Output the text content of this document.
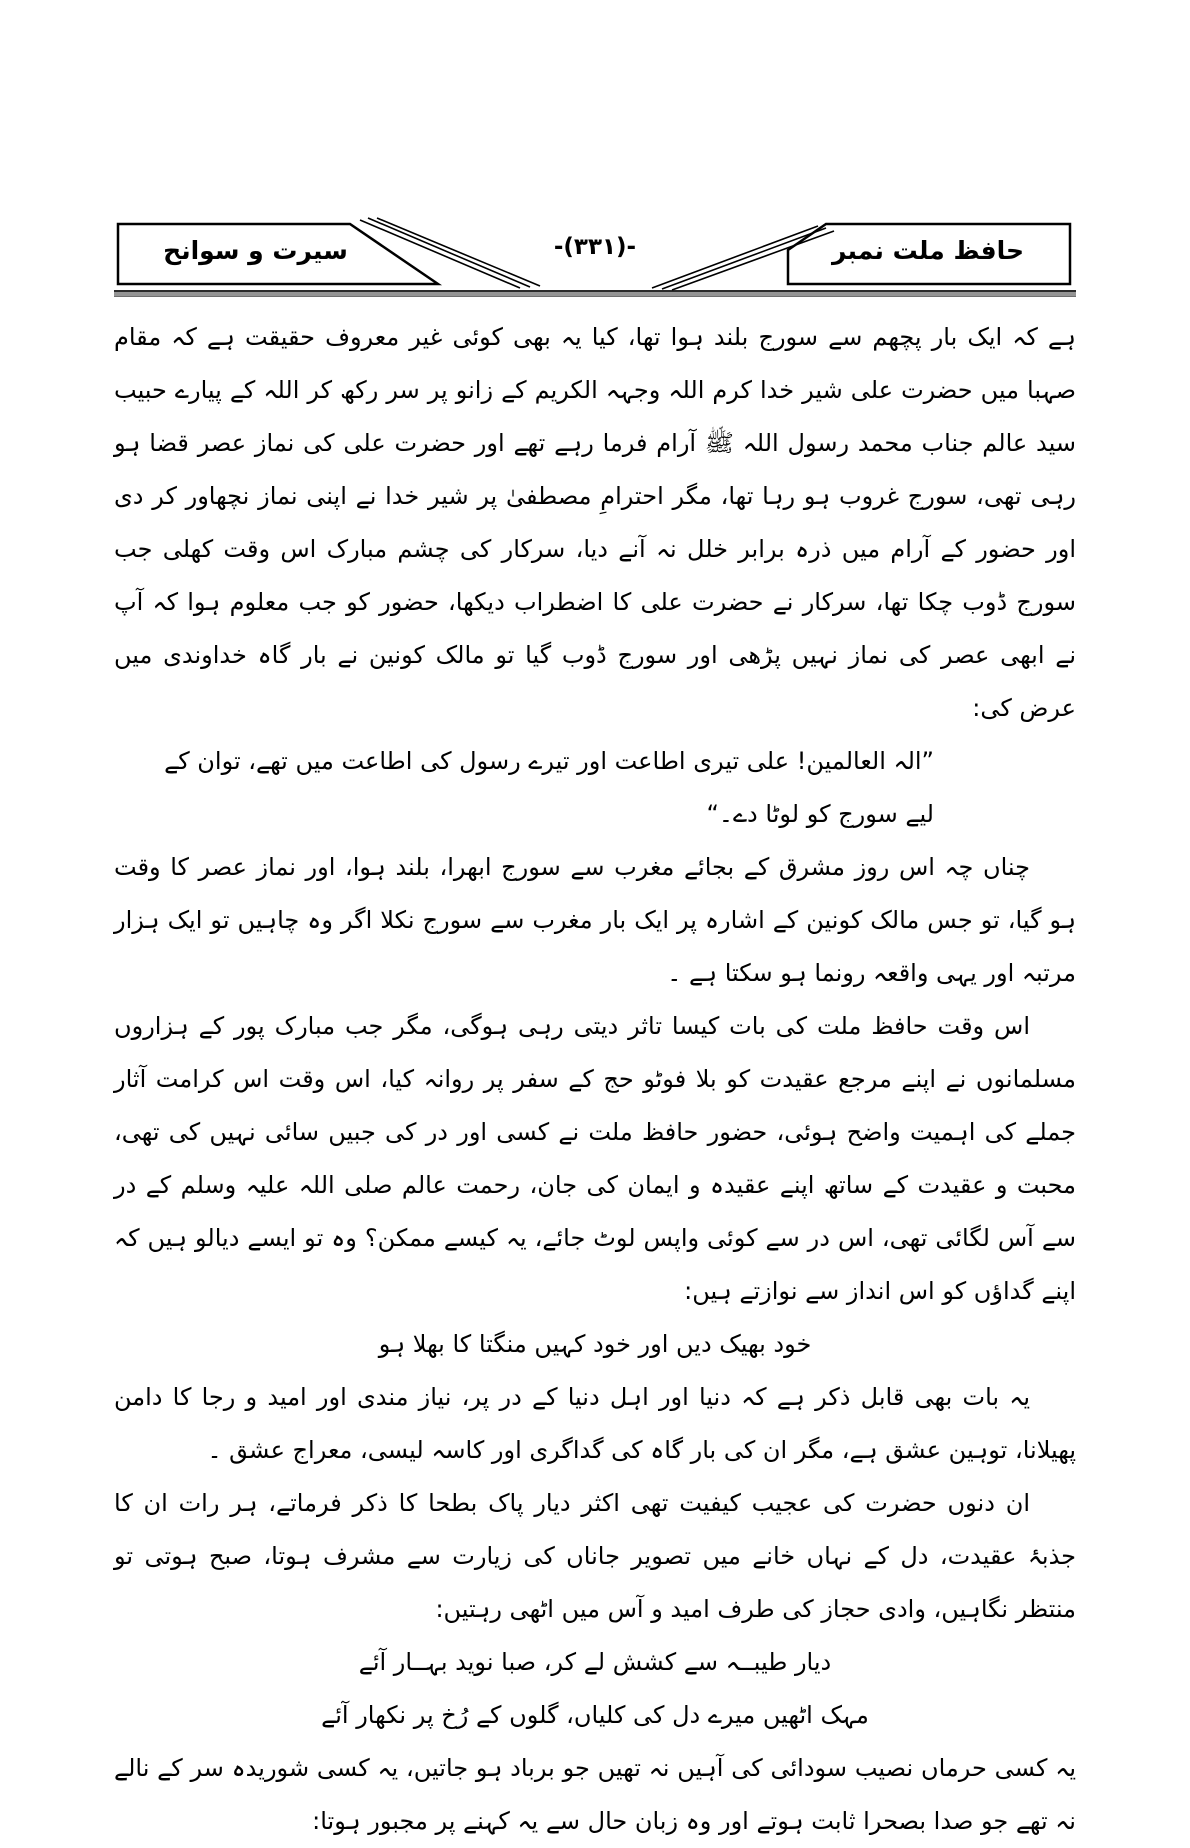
حافظ ملت نمبر
-(۳۳۱)-
سیرت و سوانح

ہے کہ ایک بار پچھم سے سورج بلند ہوا تھا، کیا یہ بھی کوئی غیر معروف حقیقت ہے کہ مقام صہبا میں حضرت علی شیر خدا کرم اللہ وجہہ الکریم کے زانو پر سر رکھ کر اللہ کے پیارے حبیب سید عالم جناب محمد رسول اللہ ﷺ آرام فرما رہے تھے اور حضرت علی کی نماز عصر قضا ہو رہی تھی، سورج غروب ہو رہا تھا، مگر احترامِ مصطفیٰ پر شیر خدا نے اپنی نماز نچھاور کر دی اور حضور کے آرام میں ذرہ برابر خلل نہ آنے دیا، سرکار کی چشم مبارک اس وقت کھلی جب سورج ڈوب چکا تھا، سرکار نے حضرت علی کا اضطراب دیکھا، حضور کو جب معلوم ہوا کہ آپ نے ابھی عصر کی نماز نہیں پڑھی اور سورج ڈوب گیا تو مالک کونین نے بار گاہ خداوندی میں عرض کی:

”الہ العالمین! علی تیری اطاعت اور تیرے رسول کی اطاعت میں تھے، توان کے لیے سورج کو لوٹا دے۔“

چناں چہ اس روز مشرق کے بجائے مغرب سے سورج ابھرا، بلند ہوا، اور نماز عصر کا وقت ہو گیا، تو جس مالک کونین کے اشارہ پر ایک بار مغرب سے سورج نکلا اگر وہ چاہیں تو ایک ہزار مرتبہ اور یہی واقعہ رونما ہو سکتا ہے ۔

اس وقت حافظ ملت کی بات کیسا تاثر دیتی رہی ہوگی، مگر جب مبارک پور کے ہزاروں مسلمانوں نے اپنے مرجع عقیدت کو بلا فوٹو حج کے سفر پر روانہ کیا، اس وقت اس کرامت آثار جملے کی اہمیت واضح ہوئی، حضور حافظ ملت نے کسی اور در کی جبیں سائی نہیں کی تھی، محبت و عقیدت کے ساتھ اپنے عقیدہ و ایمان کی جان، رحمت عالم صلی اللہ علیہ وسلم کے در سے آس لگائی تھی، اس در سے کوئی واپس لوٹ جائے، یہ کیسے ممکن؟ وہ تو ایسے دیالو ہیں کہ اپنے گداؤں کو اس انداز سے نوازتے ہیں:

خود بھیک دیں اور خود کہیں منگتا کا بھلا ہو

یہ بات بھی قابل ذکر ہے کہ دنیا اور اہل دنیا کے در پر، نیاز مندی اور امید و رجا کا دامن پھیلانا، توہین عشق ہے، مگر ان کی بار گاہ کی گداگری اور کاسہ لیسی، معراج عشق ۔

ان دنوں حضرت کی عجیب کیفیت تھی اکثر دیار پاک بطحا کا ذکر فرماتے، ہر رات ان کا جذبۂ عقیدت، دل کے نہاں خانے میں تصویر جاناں کی زیارت سے مشرف ہوتا، صبح ہوتی تو منتظر نگاہیں، وادی حجاز کی طرف امید و آس میں اٹھی رہتیں:

دیار طیبــہ سے کشش لے کر، صبا نوید بہــار آئے

مہک اٹھیں میرے دل کی کلیاں، گلوں کے رُخ پر نکھار آئے

یہ کسی حرماں نصیب سودائی کی آہیں نہ تھیں جو برباد ہو جاتیں، یہ کسی شوریدہ سر کے نالے نہ تھے جو صدا بصحرا ثابت ہوتے اور وہ زبان حال سے یہ کہنے پر مجبور ہوتا:
